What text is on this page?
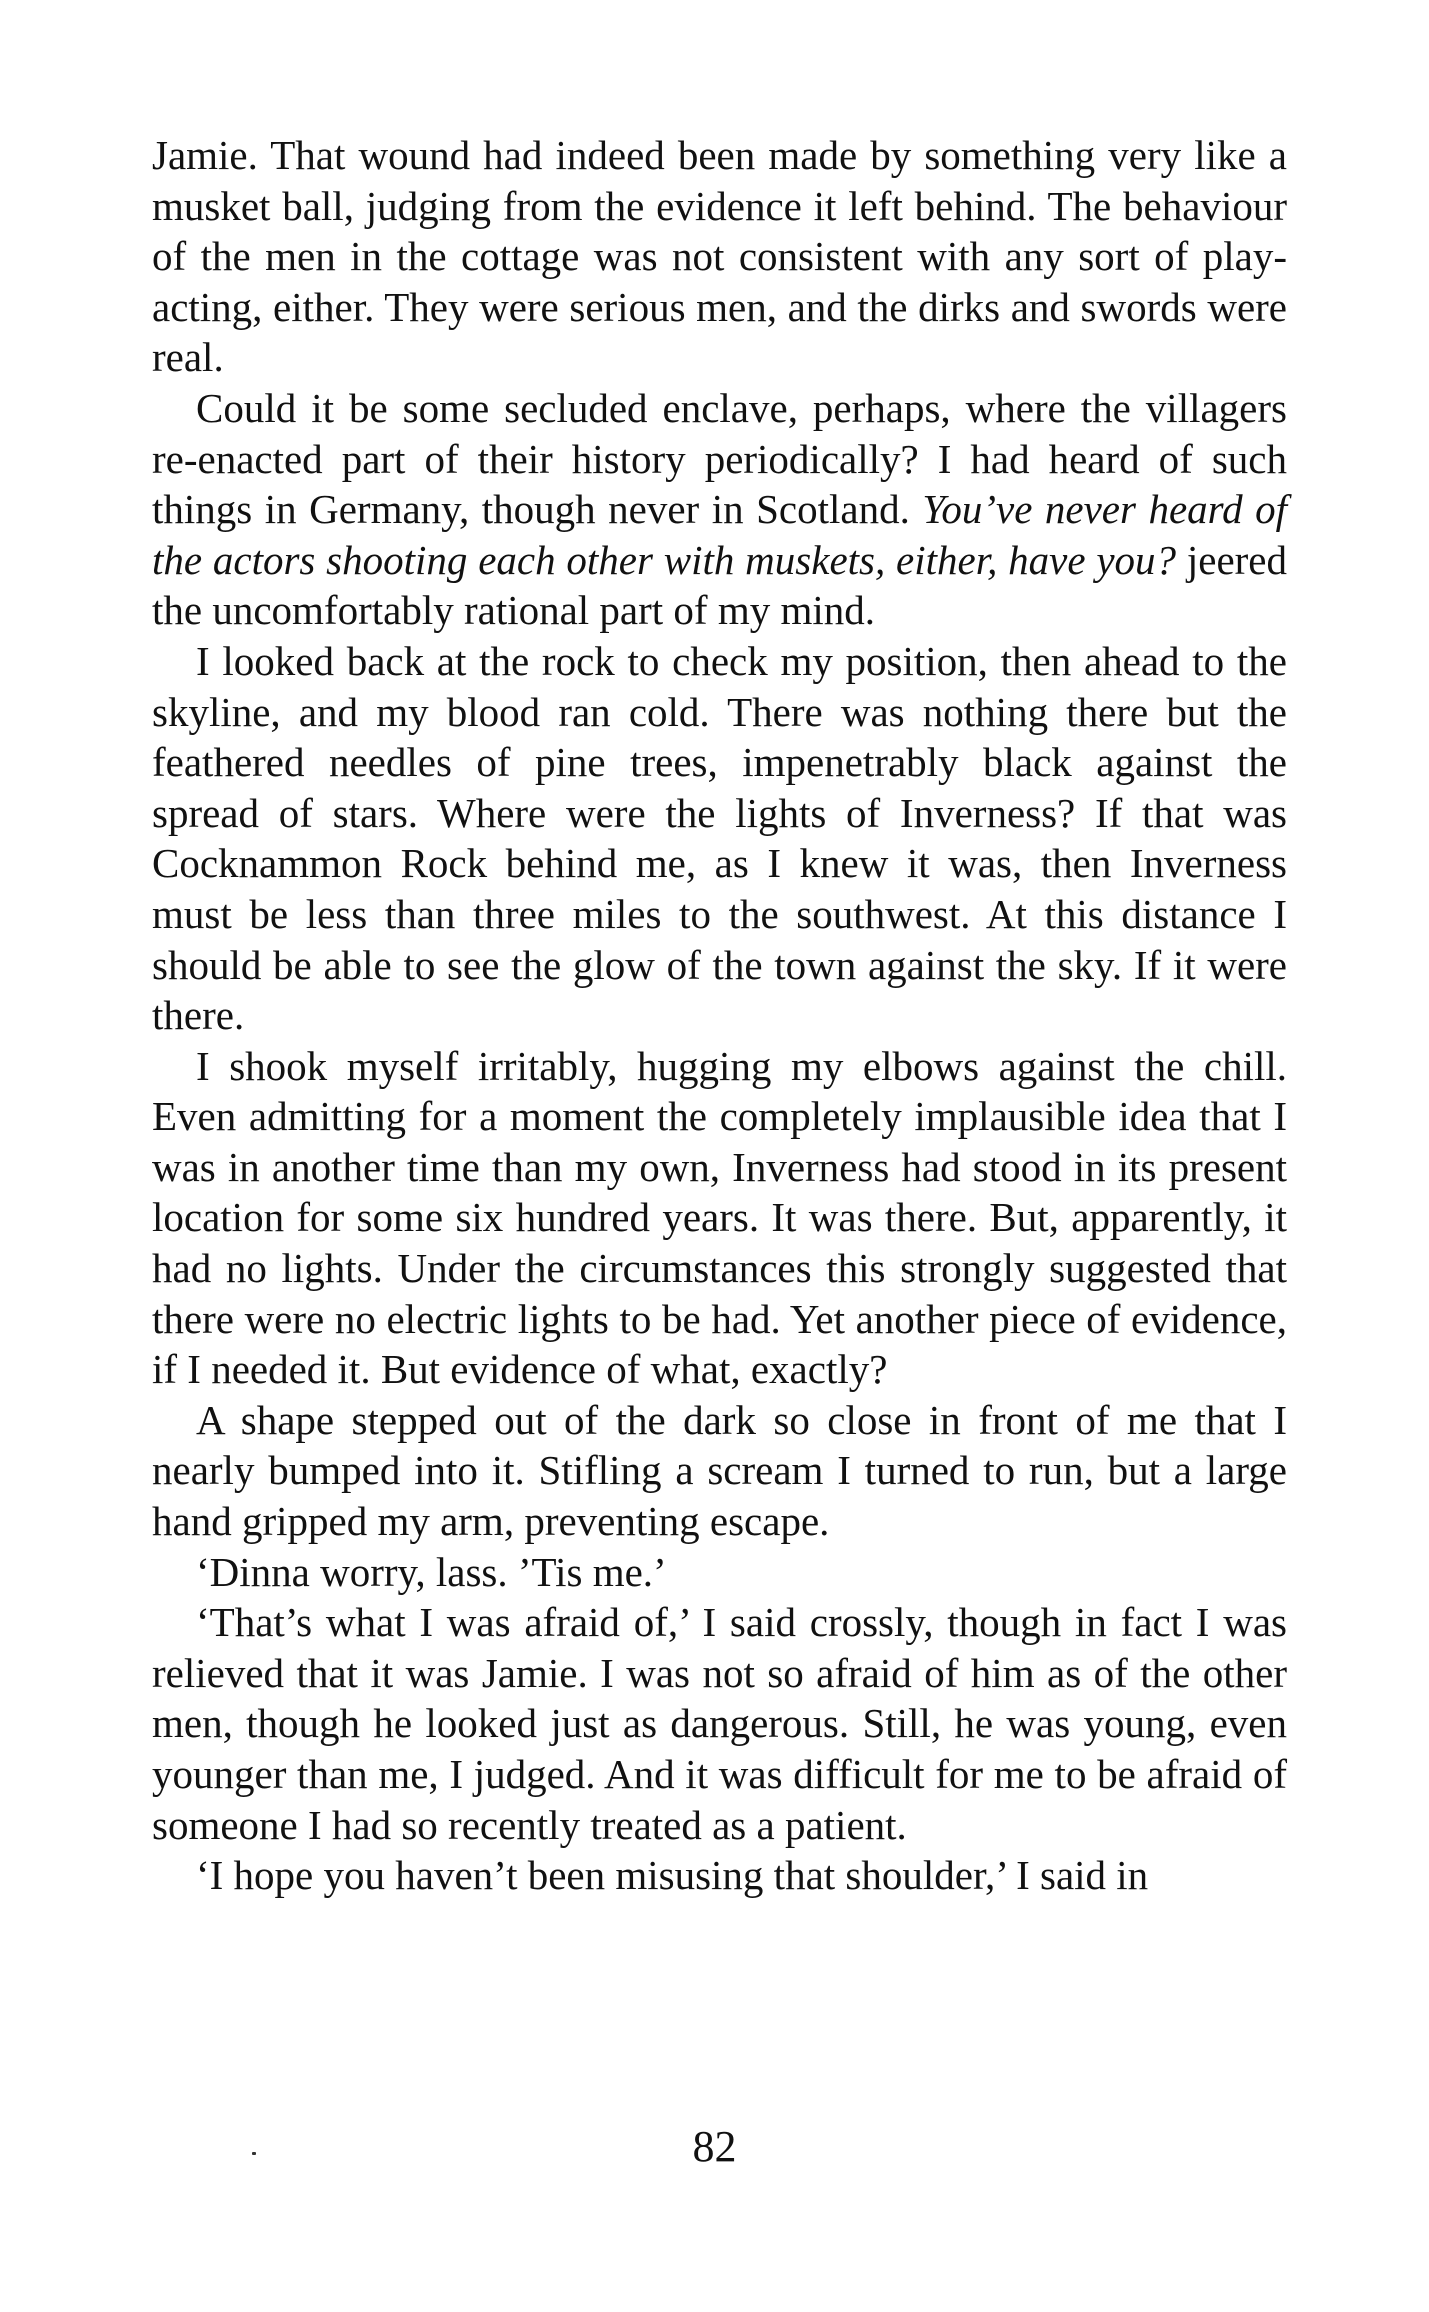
Jamie. That wound had indeed been made by something very like a musket ball, judging from the evidence it left behind. The behaviour of the men in the cottage was not consistent with any sort of play-acting, either. They were serious men, and the dirks and swords were real.

Could it be some secluded enclave, perhaps, where the villagers re-enacted part of their history periodically? I had heard of such things in Germany, though never in Scotland. You’ve never heard of the actors shooting each other with muskets, either, have you? jeered the uncomfortably rational part of my mind.

I looked back at the rock to check my position, then ahead to the skyline, and my blood ran cold. There was nothing there but the feathered needles of pine trees, impenetrably black against the spread of stars. Where were the lights of Inverness? If that was Cocknammon Rock behind me, as I knew it was, then Inverness must be less than three miles to the southwest. At this distance I should be able to see the glow of the town against the sky. If it were there.

I shook myself irritably, hugging my elbows against the chill. Even admitting for a moment the completely implausible idea that I was in another time than my own, Inverness had stood in its present location for some six hundred years. It was there. But, apparently, it had no lights. Under the circumstances this strongly suggested that there were no electric lights to be had. Yet another piece of evidence, if I needed it. But evidence of what, exactly?

A shape stepped out of the dark so close in front of me that I nearly bumped into it. Stifling a scream I turned to run, but a large hand gripped my arm, preventing escape.

‘Dinna worry, lass. ’Tis me.’

‘That’s what I was afraid of,’ I said crossly, though in fact I was relieved that it was Jamie. I was not so afraid of him as of the other men, though he looked just as dangerous. Still, he was young, even younger than me, I judged. And it was difficult for me to be afraid of someone I had so recently treated as a patient.

‘I hope you haven’t been misusing that shoulder,’ I said in

82
